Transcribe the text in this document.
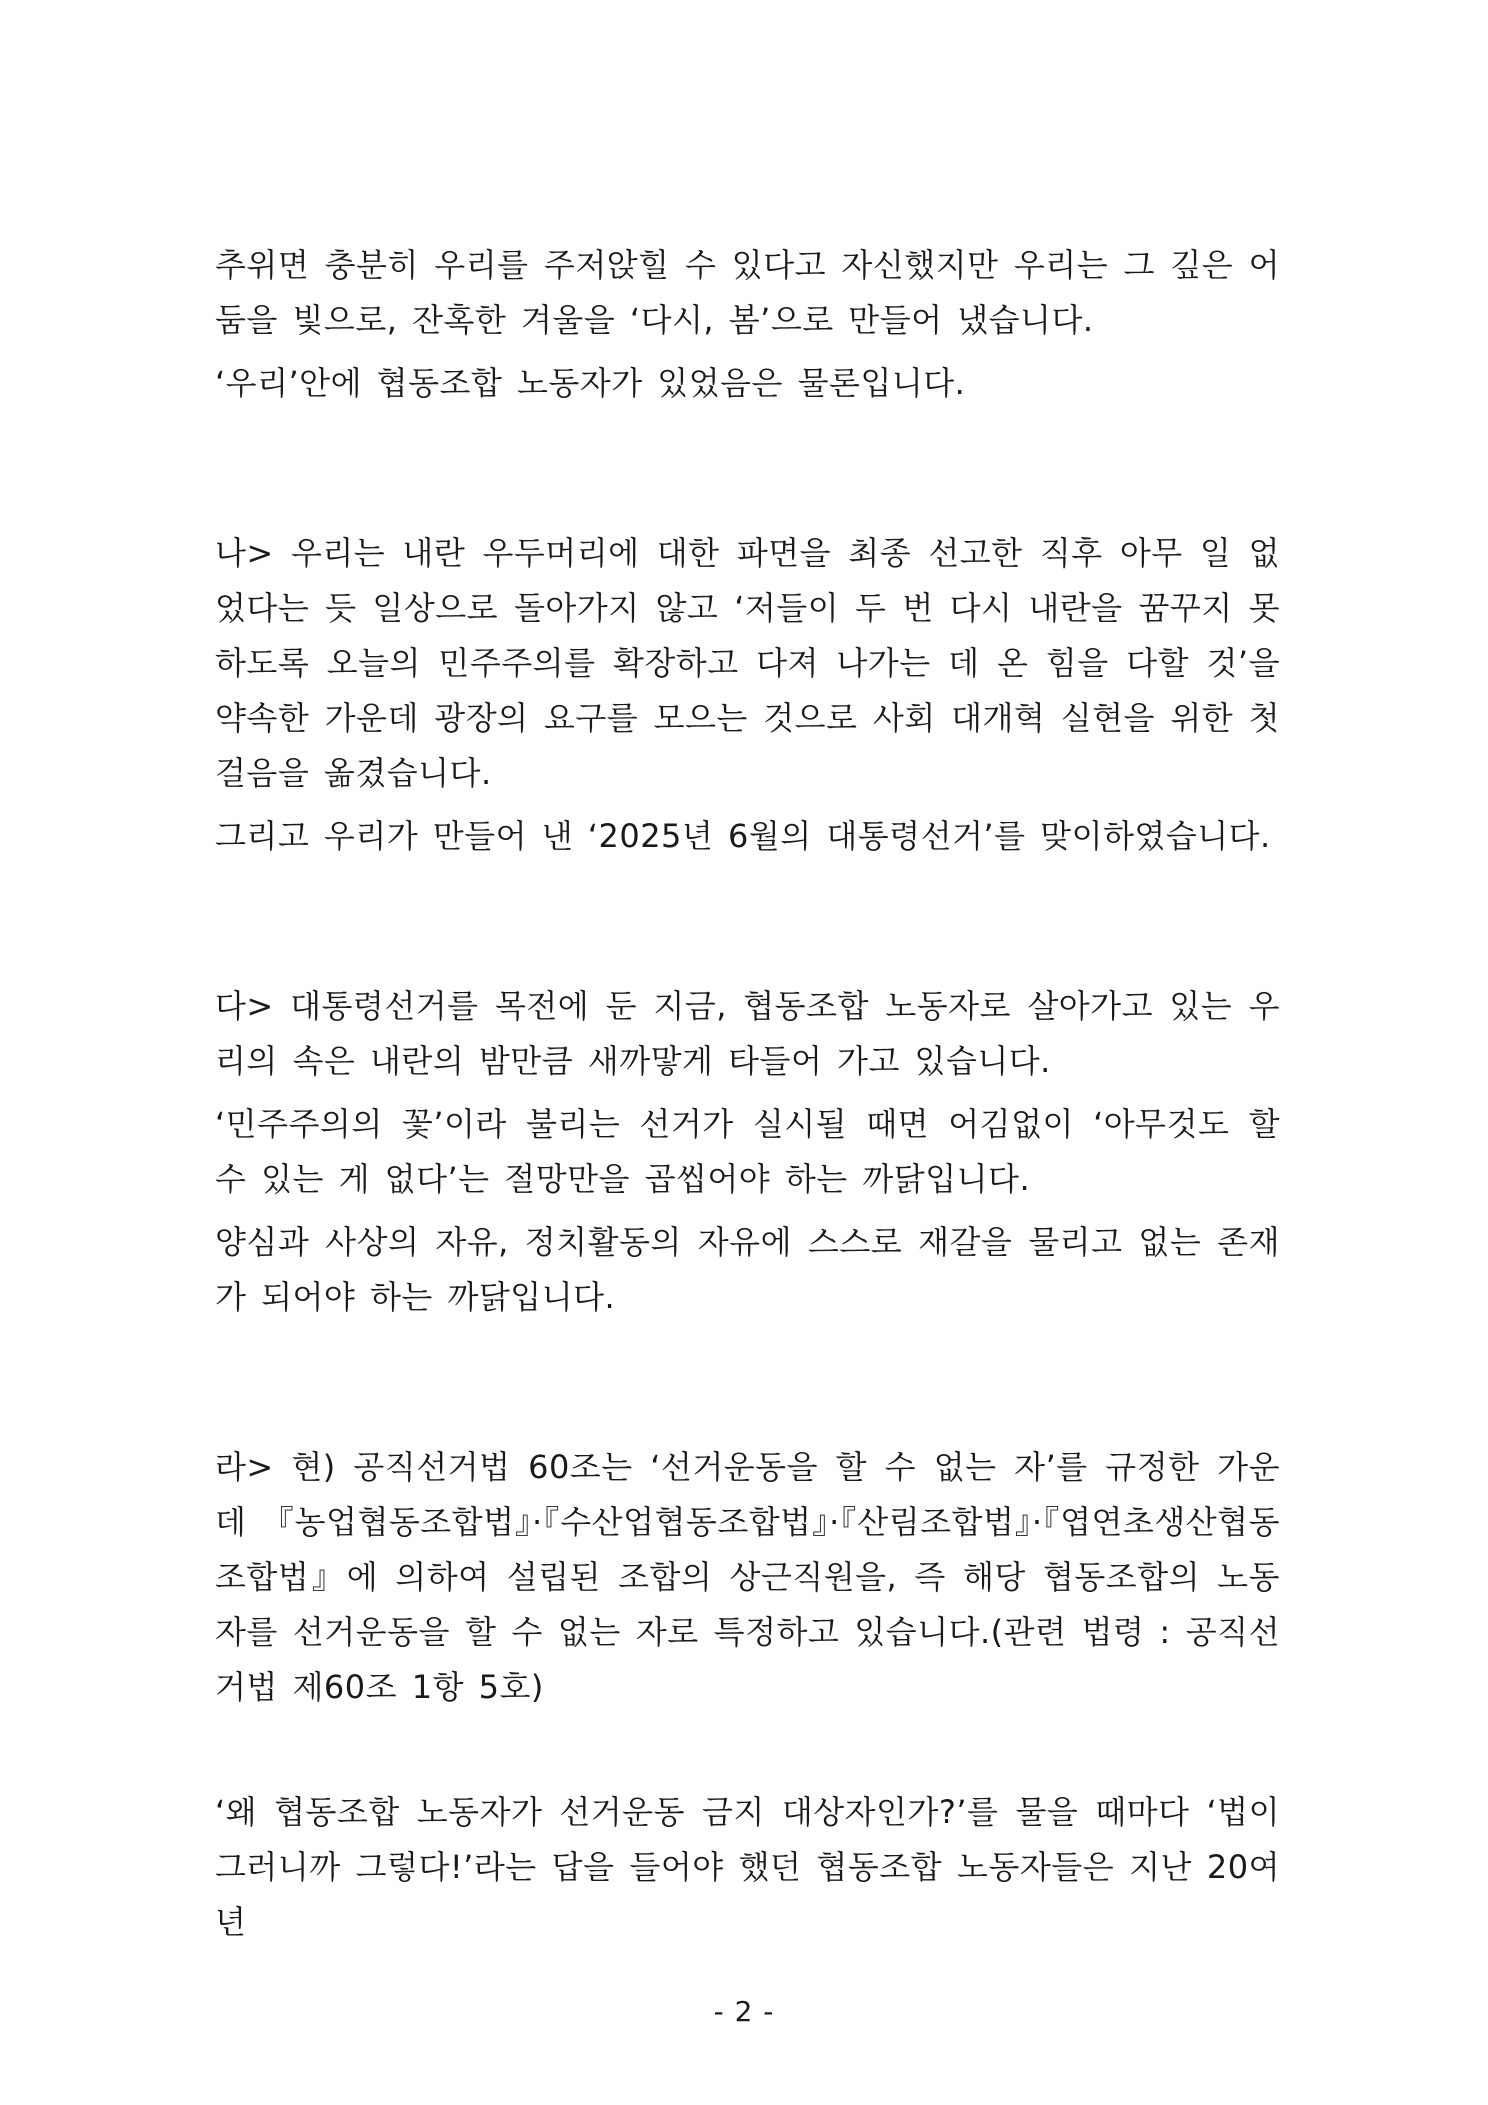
추위면 충분히 우리를 주저앉힐 수 있다고 자신했지만 우리는 그 깊은 어둠을 빛으로, 잔혹한 겨울을 ‘다시, 봄’으로 만들어 냈습니다.

‘우리’안에 협동조합 노동자가 있었음은 물론입니다.

나> 우리는 내란 우두머리에 대한 파면을 최종 선고한 직후 아무 일 없었다는 듯 일상으로 돌아가지 않고 ‘저들이 두 번 다시 내란을 꿈꾸지 못하도록 오늘의 민주주의를 확장하고 다져 나가는 데 온 힘을 다할 것’을 약속한 가운데 광장의 요구를 모으는 것으로 사회 대개혁 실현을 위한 첫걸음을 옮겼습니다.

그리고 우리가 만들어 낸 ‘2025년 6월의 대통령선거’를 맞이하였습니다.

다> 대통령선거를 목전에 둔 지금, 협동조합 노동자로 살아가고 있는 우리의 속은 내란의 밤만큼 새까맣게 타들어 가고 있습니다.

‘민주주의의 꽃’이라 불리는 선거가 실시될 때면 어김없이 ‘아무것도 할 수 있는 게 없다’는 절망만을 곱씹어야 하는 까닭입니다.

양심과 사상의 자유, 정치활동의 자유에 스스로 재갈을 물리고 없는 존재가 되어야 하는 까닭입니다.

라> 현) 공직선거법 60조는 ‘선거운동을 할 수 없는 자’를 규정한 가운데 『농업협동조합법』·『수산업협동조합법』·『산림조합법』·『엽연초생산협동조합법』에 의하여 설립된 조합의 상근직원을, 즉 해당 협동조합의 노동자를 선거운동을 할 수 없는 자로 특정하고 있습니다.(관련 법령 : 공직선거법 제60조 1항 5호)

‘왜 협동조합 노동자가 선거운동 금지 대상자인가?’를 물을 때마다 ‘법이 그러니까 그렇다!’라는 답을 들어야 했던 협동조합 노동자들은 지난 20여 년

- 2 -
